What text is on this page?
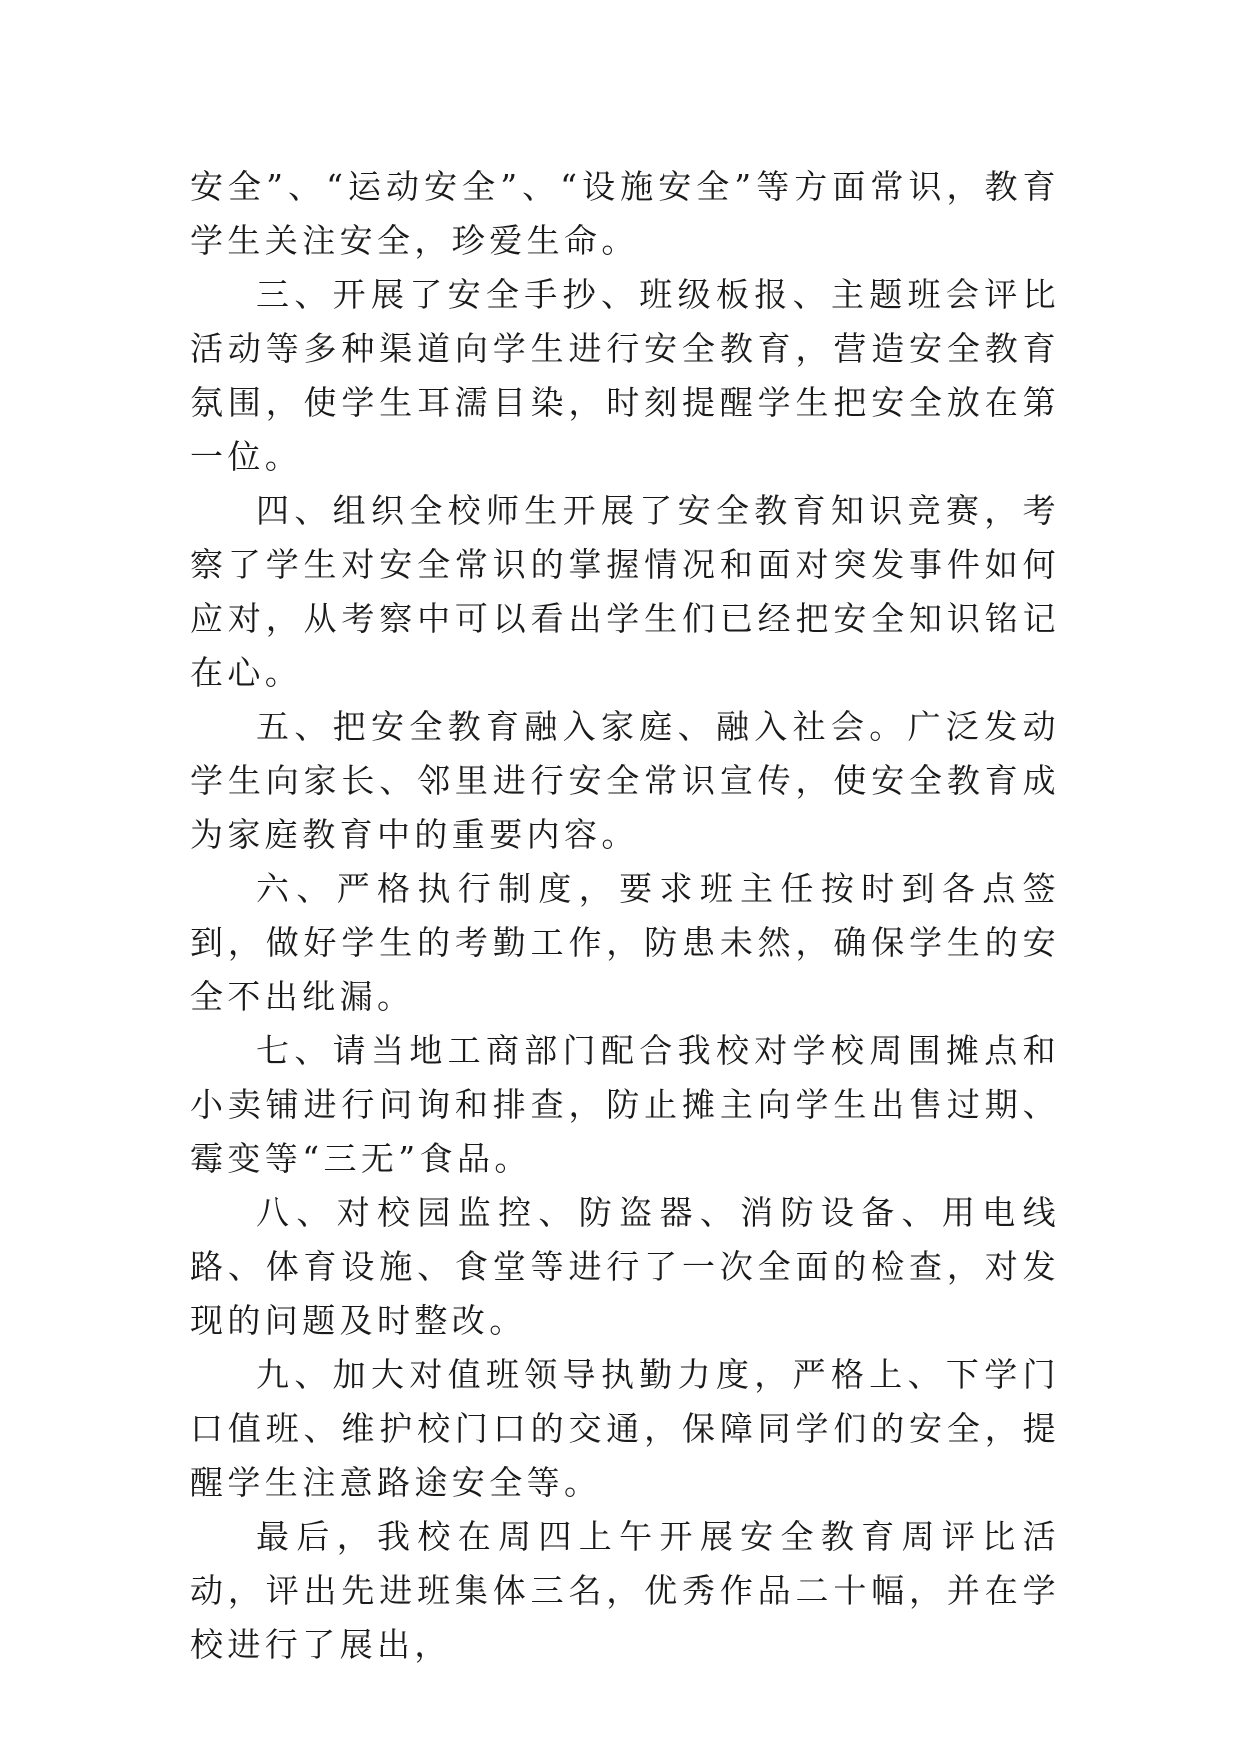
安全”、“运动安全”、“设施安全”等方面常识，教育学生关注安全，珍爱生命。

三、开展了安全手抄、班级板报、主题班会评比活动等多种渠道向学生进行安全教育，营造安全教育氛围，使学生耳濡目染，时刻提醒学生把安全放在第一位。

四、组织全校师生开展了安全教育知识竞赛，考察了学生对安全常识的掌握情况和面对突发事件如何应对，从考察中可以看出学生们已经把安全知识铭记在心。

五、把安全教育融入家庭、融入社会。广泛发动学生向家长、邻里进行安全常识宣传，使安全教育成为家庭教育中的重要内容。

六、严格执行制度，要求班主任按时到各点签到，做好学生的考勤工作，防患未然，确保学生的安全不出纰漏。

七、请当地工商部门配合我校对学校周围摊点和小卖铺进行问询和排查，防止摊主向学生出售过期、霉变等“三无”食品。

八、对校园监控、防盗器、消防设备、用电线路、体育设施、食堂等进行了一次全面的检查，对发现的问题及时整改。

九、加大对值班领导执勤力度，严格上、下学门口值班、维护校门口的交通，保障同学们的安全，提醒学生注意路途安全等。

最后，我校在周四上午开展安全教育周评比活动，评出先进班集体三名，优秀作品二十幅，并在学校进行了展出，
